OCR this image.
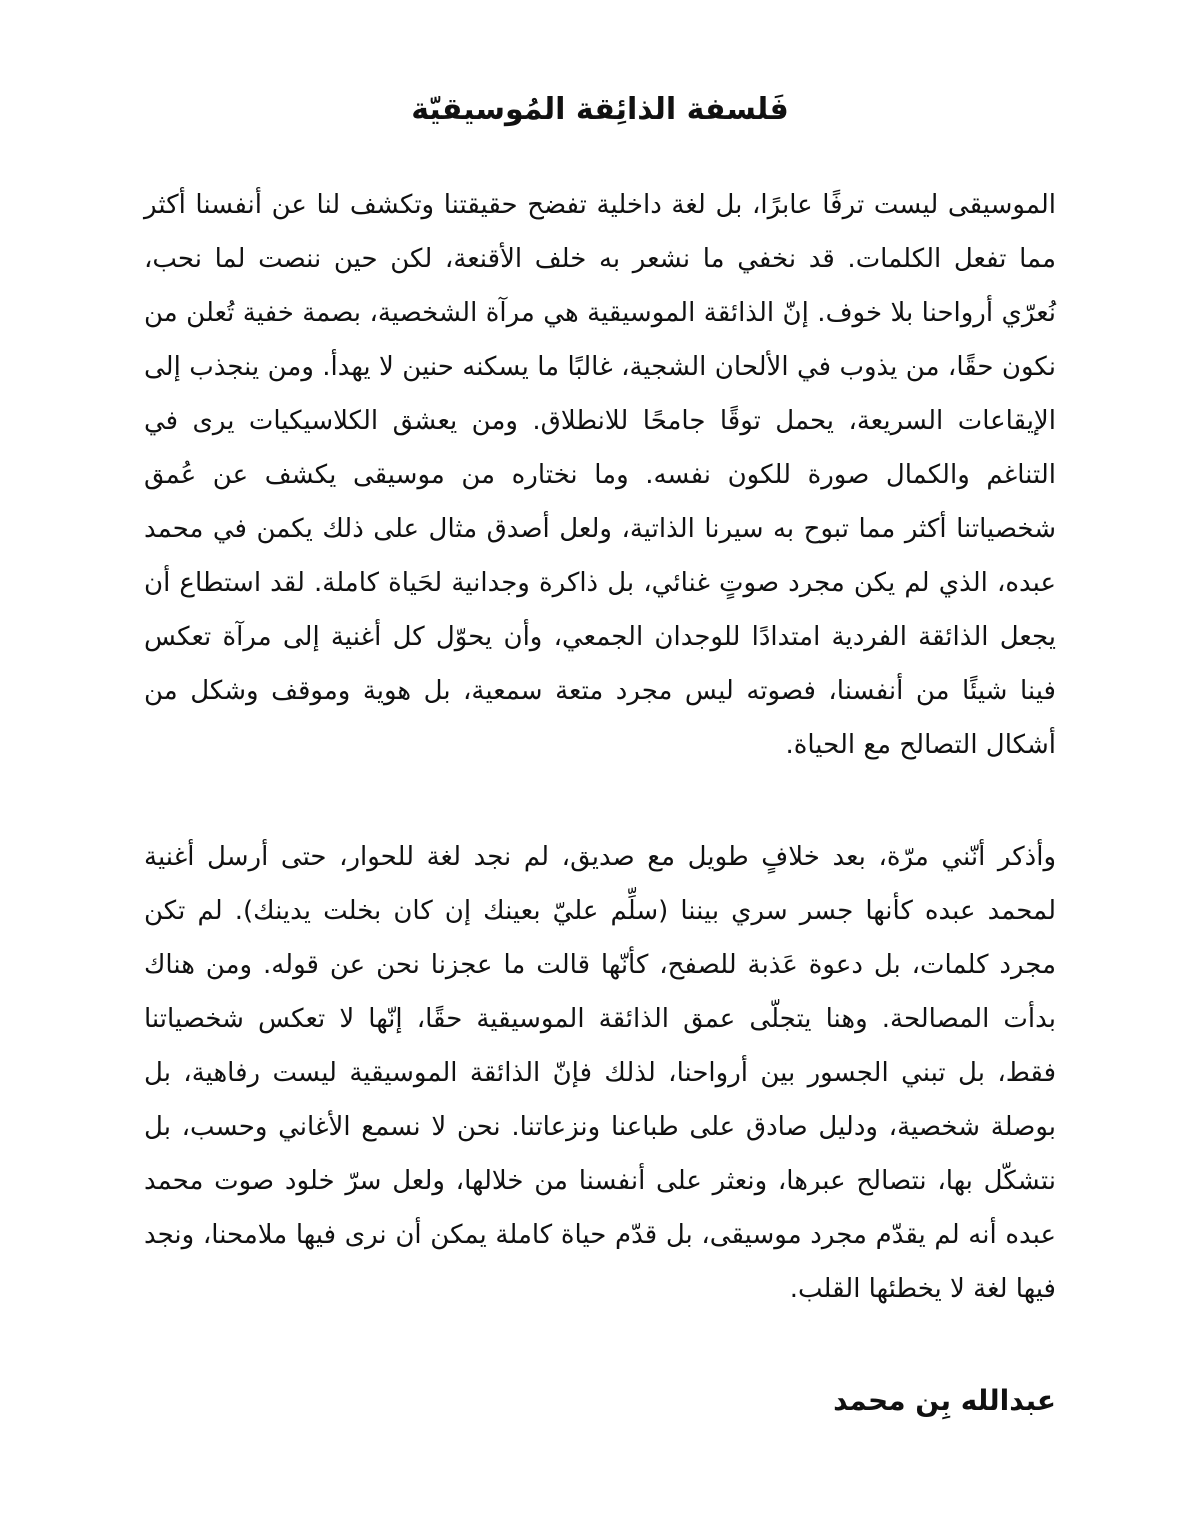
فَلسفة الذائِقة المُوسيقيّة

الموسيقى ليست ترفًا عابرًا، بل لغة داخلية تفضح حقيقتنا وتكشف لنا عن أنفسنا أكثر مما تفعل الكلمات. قد نخفي ما نشعر به خلف الأقنعة، لكن حين ننصت لما نحب، نُعرّي أرواحنا بلا خوف. إنّ الذائقة الموسيقية هي مرآة الشخصية، بصمة خفية تُعلن من نكون حقًا، من يذوب في الألحان الشجية، غالبًا ما يسكنه حنين لا يهدأ. ومن ينجذب إلى الإيقاعات السريعة، يحمل توقًا جامحًا للانطلاق. ومن يعشق الكلاسيكيات يرى في التناغم والكمال صورة للكون نفسه. وما نختاره من موسيقى يكشف عن عُمق شخصياتنا أكثر مما تبوح به سيرنا الذاتية، ولعل أصدق مثال على ذلك يكمن في محمد عبده، الذي لم يكن مجرد صوتٍ غنائي، بل ذاكرة وجدانية لحَياة كاملة. لقد استطاع أن يجعل الذائقة الفردية امتدادًا للوجدان الجمعي، وأن يحوّل كل أغنية إلى مرآة تعكس فينا شيئًا من أنفسنا، فصوته ليس مجرد متعة سمعية، بل هوية وموقف وشكل من أشكال التصالح مع الحياة.

وأذكر أنّني مرّة، بعد خلافٍ طويل مع صديق، لم نجد لغة للحوار، حتى أرسل أغنية لمحمد عبده كأنها جسر سري بيننا (سلِّم عليّ بعينك إن كان بخلت يدينك). لم تكن مجرد كلمات، بل دعوة عَذبة للصفح، كأنّها قالت ما عجزنا نحن عن قوله. ومن هناك بدأت المصالحة. وهنا يتجلّى عمق الذائقة الموسيقية حقًا، إنّها لا تعكس شخصياتنا فقط، بل تبني الجسور بين أرواحنا، لذلك فإنّ الذائقة الموسيقية ليست رفاهية، بل بوصلة شخصية، ودليل صادق على طباعنا ونزعاتنا. نحن لا نسمع الأغاني وحسب، بل نتشكّل بها، نتصالح عبرها، ونعثر على أنفسنا من خلالها، ولعل سرّ خلود صوت محمد عبده أنه لم يقدّم مجرد موسيقى، بل قدّم حياة كاملة يمكن أن نرى فيها ملامحنا، ونجد فيها لغة لا يخطئها القلب.

عبدالله بِن محمد
